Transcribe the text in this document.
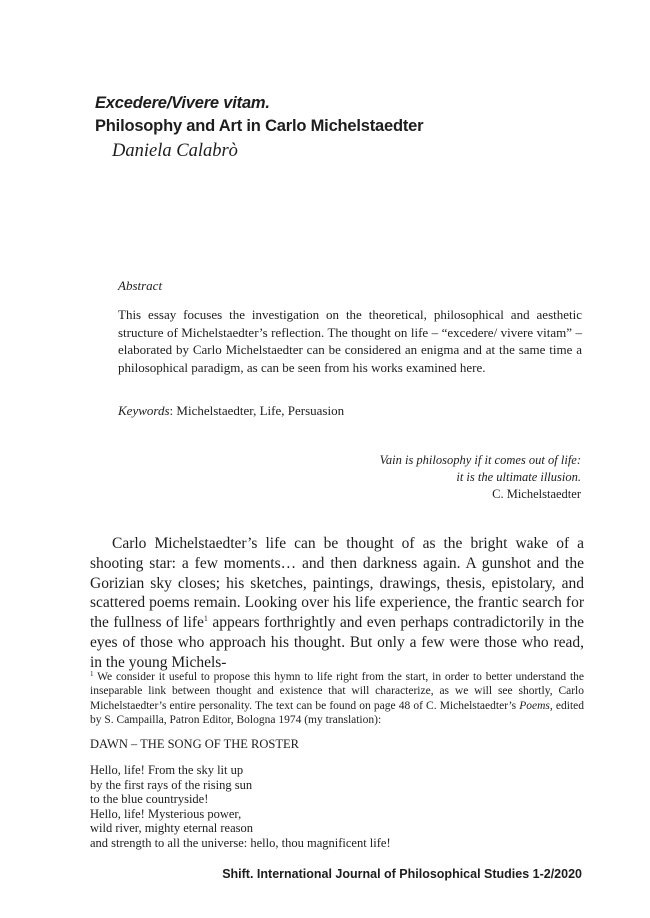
Excedere/Vivere vitam.
Philosophy and Art in Carlo Michelstaedter
Daniela Calabrò
Abstract
This essay focuses the investigation on the theoretical, philosophical and aesthetic structure of Michelstaedter’s reflection. The thought on life – “excedere/ vivere vitam” – elaborated by Carlo Michelstaedter can be considered an enigma and at the same time a philosophical paradigm, as can be seen from his works examined here.
Keywords: Michelstaedter, Life, Persuasion
Vain is philosophy if it comes out of life:
it is the ultimate illusion.
C. Michelstaedter
Carlo Michelstaedter’s life can be thought of as the bright wake of a shooting star: a few moments… and then darkness again. A gunshot and the Gorizian sky closes; his sketches, paintings, drawings, thesis, epistolary, and scattered poems remain. Looking over his life experience, the frantic search for the fullness of life$^1$ appears forthrightly and even perhaps contradictorily in the eyes of those who approach his thought. But only a few were those who read, in the young Michels-
$^1$ We consider it useful to propose this hymn to life right from the start, in order to better understand the inseparable link between thought and existence that will characterize, as we will see shortly, Carlo Michelstaedter’s entire personality. The text can be found on page 48 of C. Michelstaedter’s Poems, edited by S. Campailla, Patron Editor, Bologna 1974 (my translation):
DAWN – THE SONG OF THE ROSTER
Hello, life! From the sky lit up
by the first rays of the rising sun
to the blue countryside!
Hello, life! Mysterious power,
wild river, mighty eternal reason
and strength to all the universe: hello, thou magnificent life!
Shift. International Journal of Philosophical Studies 1-2/2020
